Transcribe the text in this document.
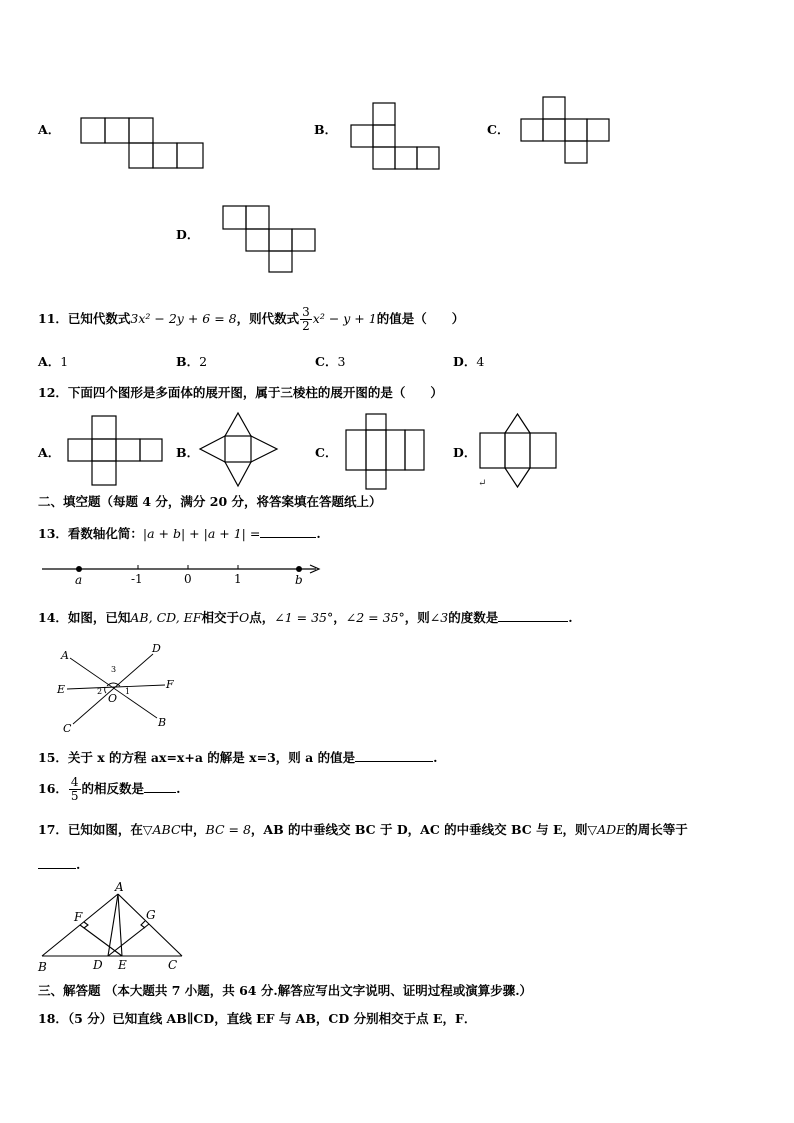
A．	B．	C．
D．
11．已知代数式3x² − 2y + 6 = 8，则代数式 $\frac{3}{2} x^2 - y + 1$的值是（　　）
A．1	B．2	C．3	D．4
12．下面四个图形是多面体的展开图，属于三棱柱的展开图的是（　　）
A．	B．	C．	D．
↵
二、填空题（每题 4 分，满分 20 分，将答案填在答题纸上）
13．看数轴化简：|a + b| + |a + 1| =	.
a	-1	0	1	b
14．如图，已知AB, CD, EF相交于O点，∠1 = 35°，∠2 = 35°，则∠3的度数是	.
A
D
E	F
C	B
O
3
2	1
15．关于 x 的方程 ax=x+a 的解是 x=3，则 a 的值是	.
16． $\frac{4}{5}$ 的相反数是	.
17．已知如图，在▽ABC中，BC = 8，AB 的中垂线交 BC 于 D，AC 的中垂线交 BC 与 E，则▽ADE的周长等于
.
A
F	G
B	D E	C
三、解答题 （本大题共 7 小题，共 64 分.解答应写出文字说明、证明过程或演算步骤.）
18．（5 分）已知直线 AB∥CD，直线 EF 与 AB，CD 分别相交于点 E，F．
